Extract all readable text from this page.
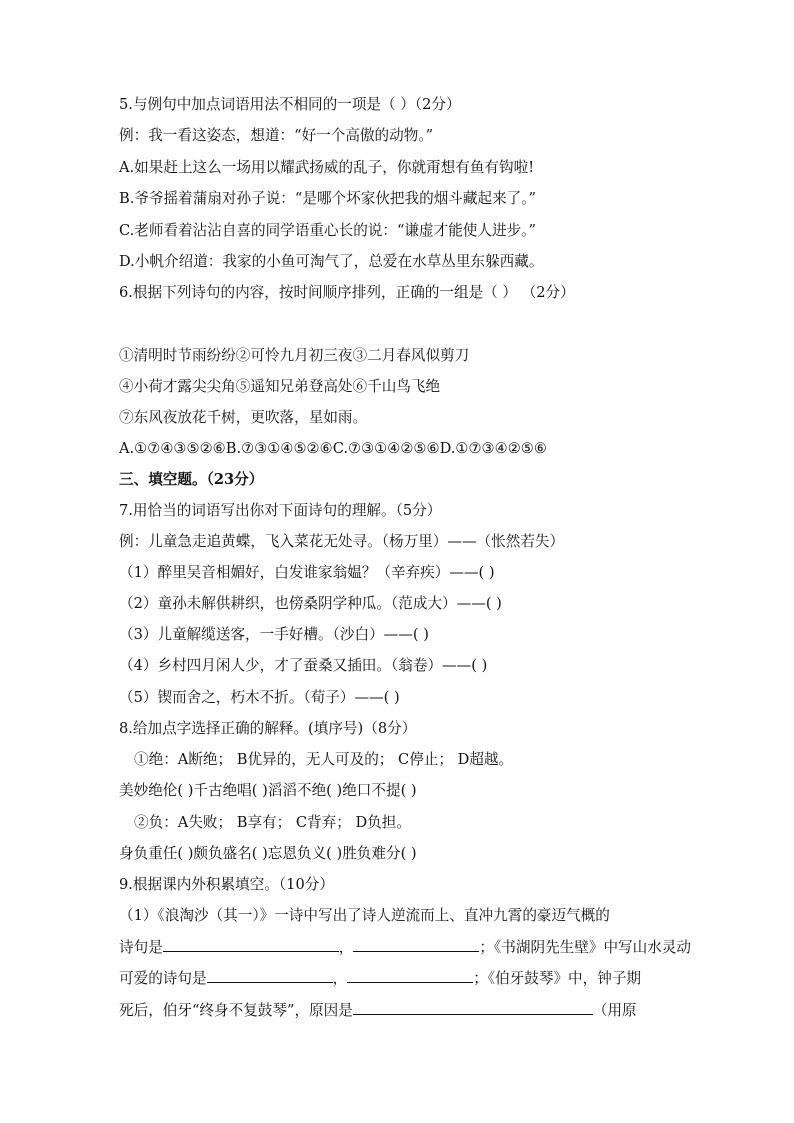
5.与例句中加点词语用法不相同的一项是（ ）（2分）
例：我一看这姿态，想道：“好一个高傲的动物。”
A.如果赶上这么一场用以耀武扬威的乱子，你就甭想有鱼有钩啦!
B.爷爷摇着蒲扇对孙子说：“是哪个坏家伙把我的烟斗藏起来了。”
C.老师看着沾沾自喜的同学语重心长的说：“谦虚才能使人进步。”
D.小帆介绍道：我家的小鱼可淘气了，总爱在水草丛里东躲西藏。
6.根据下列诗句的内容，按时间顺序排列，正确的一组是（ ） （2分）
①清明时节雨纷纷②可怜九月初三夜③二月春风似剪刀
④小荷才露尖尖角⑤遥知兄弟登高处⑥千山鸟飞绝
⑦东风夜放花千树，更吹落，星如雨。
A.①⑦④③⑤②⑥B.⑦③①④⑤②⑥C.⑦③①④②⑤⑥D.①⑦③④②⑤⑥
三、填空题。（23分）
7.用恰当的词语写出你对下面诗句的理解。（5分）
例：儿童急走追黄蝶，飞入菜花无处寻。（杨万里）——（怅然若失）
（1）醉里吴音相媚好，白发谁家翁媪？（辛弃疾）——( )
（2）童孙未解供耕织，也傍桑阴学种瓜。（范成大）——( )
（3）儿童解缆送客，一手好槽。（沙白）——( )
（4）乡村四月闲人少，才了蚕桑又插田。（翁卷）——( )
（5）锲而舍之，朽木不折。（荀子）——( )
8.给加点字选择正确的解释。(填序号)（8分）
①绝：A断绝； B优异的，无人可及的； C停止； D超越。
美妙绝伦( )千古绝唱( )滔滔不绝( )绝口不提( )
②负：A失败； B享有； C背弃； D负担。
身负重任( )颇负盛名( )忘恩负义( )胜负难分( )
9.根据课内外积累填空。（10分）
（1）《浪淘沙（其一）》一诗中写出了诗人逆流而上、直冲九霄的豪迈气概的
诗句是	，	；《书湖阴先生壁》中写山水灵动
可爱的诗句是	，	；《伯牙鼓琴》中，钟子期
死后，伯牙“终身不复鼓琴”，原因是	（用原
